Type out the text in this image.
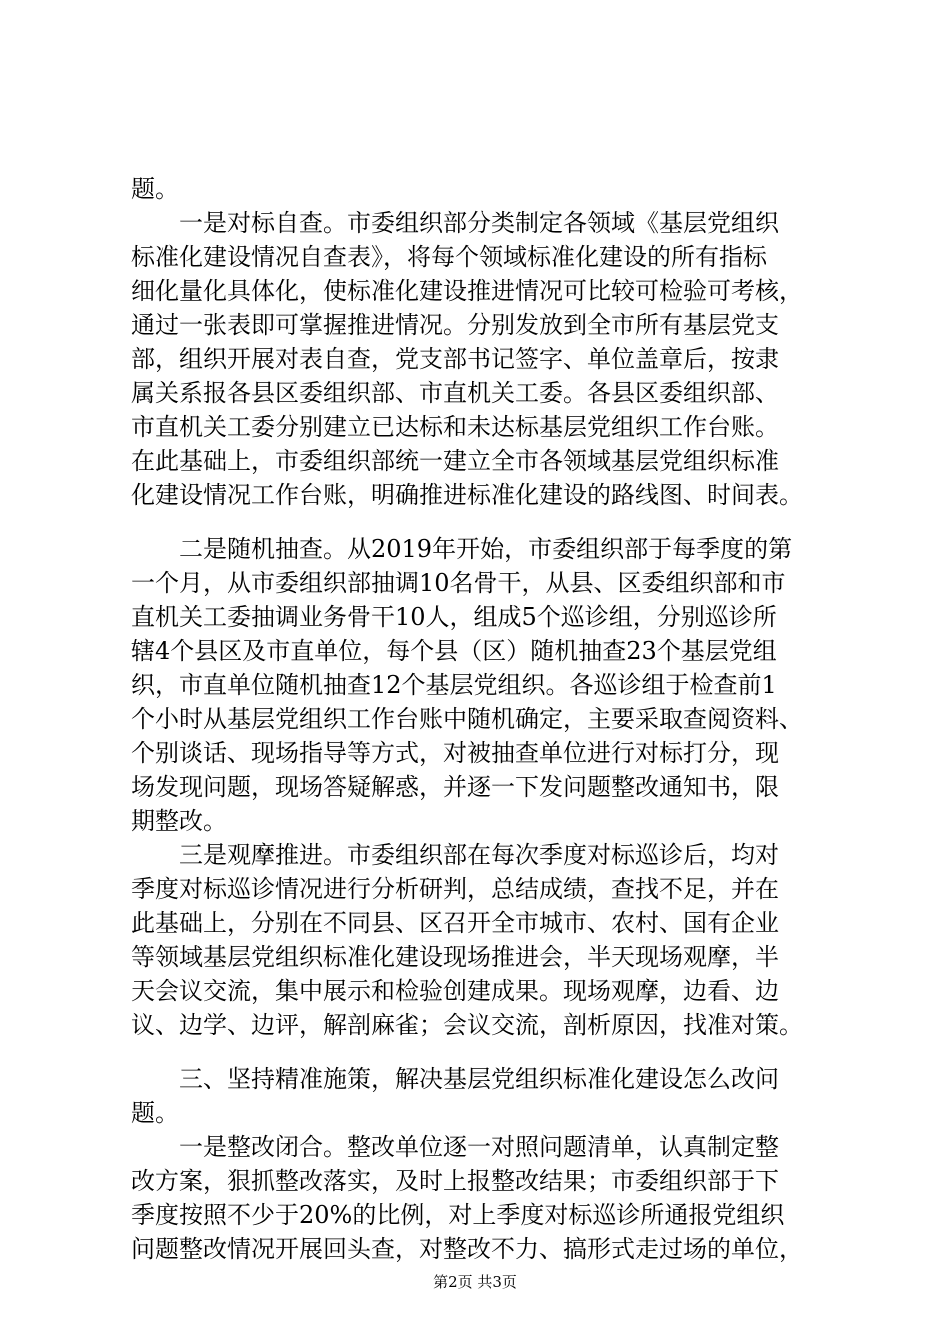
题。
　　一是对标自查。市委组织部分类制定各领域《基层党组织
标准化建设情况自查表》，将每个领域标准化建设的所有指标
细化量化具体化，使标准化建设推进情况可比较可检验可考核，
通过一张表即可掌握推进情况。分别发放到全市所有基层党支
部，组织开展对表自查，党支部书记签字、单位盖章后，按隶
属关系报各县区委组织部、市直机关工委。各县区委组织部、
市直机关工委分别建立已达标和未达标基层党组织工作台账。
在此基础上，市委组织部统一建立全市各领域基层党组织标准
化建设情况工作台账，明确推进标准化建设的路线图、时间表。
　　二是随机抽查。从2019年开始，市委组织部于每季度的第
一个月，从市委组织部抽调10名骨干，从县、区委组织部和市
直机关工委抽调业务骨干10人，组成5个巡诊组，分别巡诊所
辖4个县区及市直单位，每个县（区）随机抽查23个基层党组
织，市直单位随机抽查12个基层党组织。各巡诊组于检查前1
个小时从基层党组织工作台账中随机确定，主要采取查阅资料、
个别谈话、现场指导等方式，对被抽查单位进行对标打分，现
场发现问题，现场答疑解惑，并逐一下发问题整改通知书，限
期整改。
　　三是观摩推进。市委组织部在每次季度对标巡诊后，均对
季度对标巡诊情况进行分析研判，总结成绩，查找不足，并在
此基础上，分别在不同县、区召开全市城市、农村、国有企业
等领域基层党组织标准化建设现场推进会，半天现场观摩，半
天会议交流，集中展示和检验创建成果。现场观摩，边看、边
议、边学、边评，解剖麻雀；会议交流，剖析原因，找准对策。
　　三、坚持精准施策，解决基层党组织标准化建设怎么改问
题。
　　一是整改闭合。整改单位逐一对照问题清单，认真制定整
改方案，狠抓整改落实，及时上报整改结果；市委组织部于下
季度按照不少于20%的比例，对上季度对标巡诊所通报党组织
问题整改情况开展回头查，对整改不力、搞形式走过场的单位，
第2页 共3页
